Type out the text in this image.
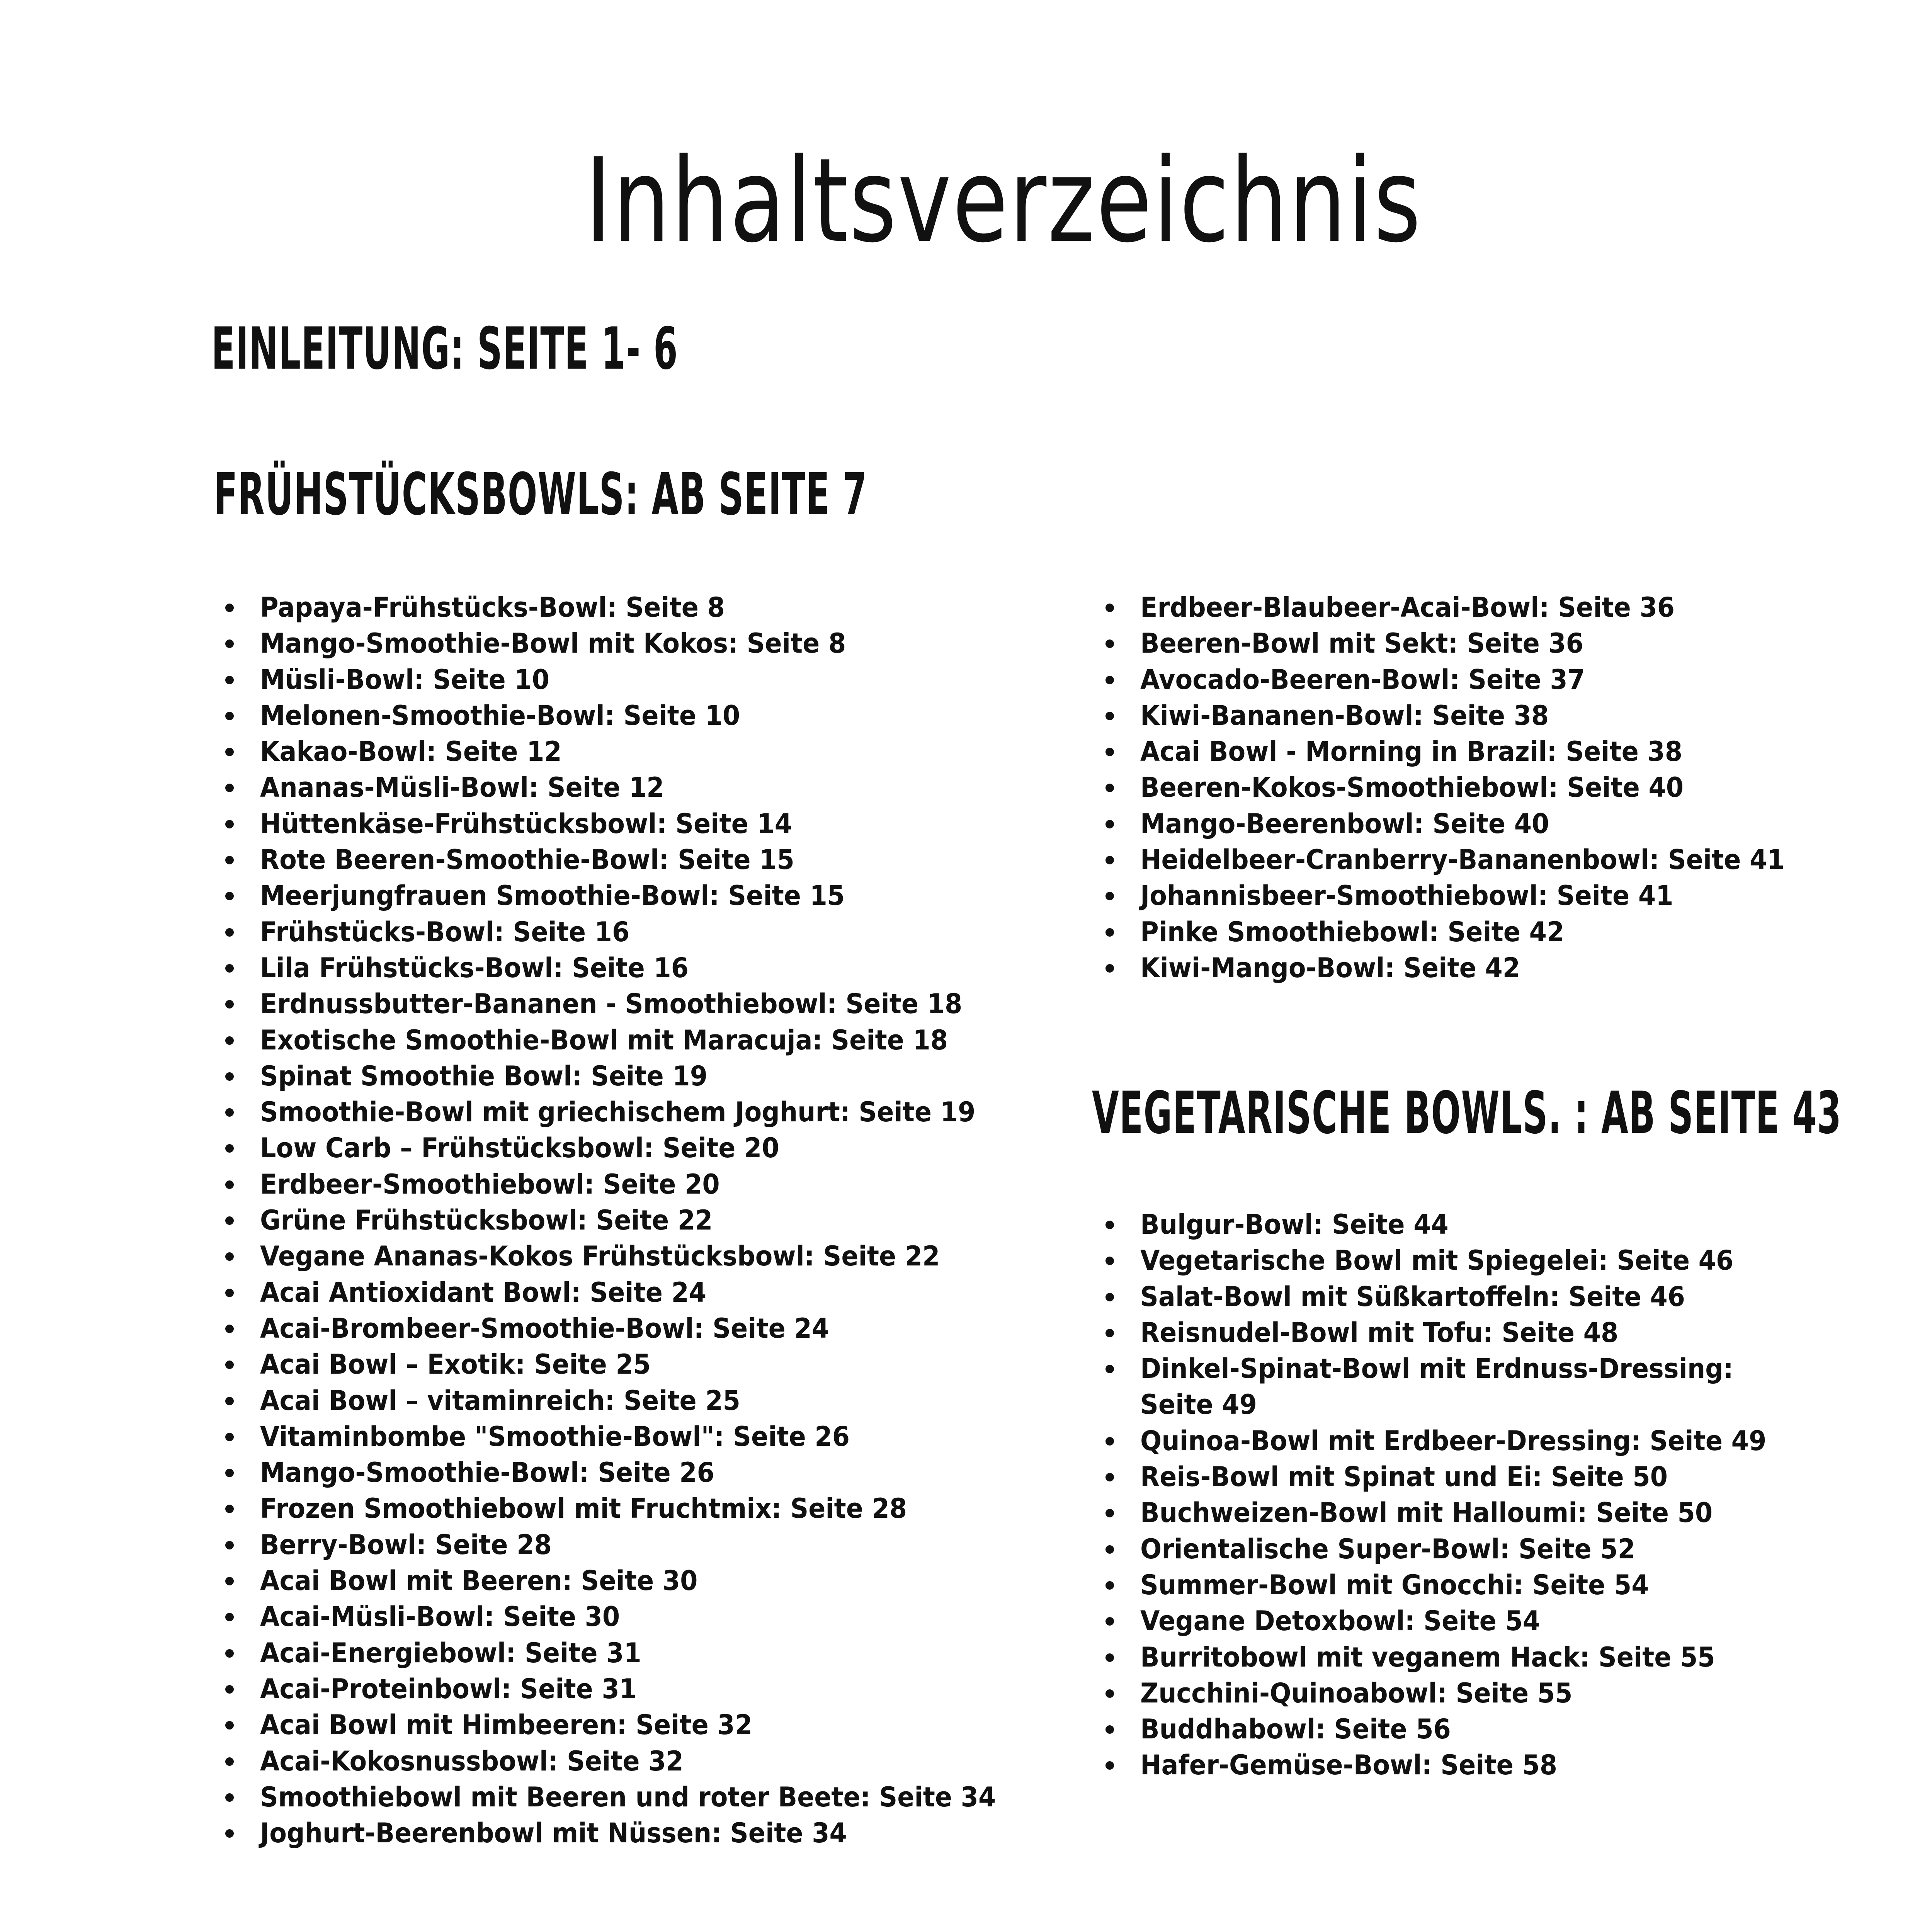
Inhaltsverzeichnis
EINLEITUNG: SEITE 1- 6
FRÜHSTÜCKSBOWLS: AB SEITE 7
Papaya-Frühstücks-Bowl: Seite 8
Mango-Smoothie-Bowl mit Kokos: Seite 8
Müsli-Bowl: Seite 10
Melonen-Smoothie-Bowl: Seite 10
Kakao-Bowl: Seite 12
Ananas-Müsli-Bowl: Seite 12
Hüttenkäse-Frühstücksbowl: Seite 14
Rote Beeren-Smoothie-Bowl: Seite 15
Meerjungfrauen Smoothie-Bowl: Seite 15
Frühstücks-Bowl: Seite 16
Lila Frühstücks-Bowl: Seite 16
Erdnussbutter-Bananen - Smoothiebowl: Seite 18
Exotische Smoothie-Bowl mit Maracuja: Seite 18
Spinat Smoothie Bowl: Seite 19
Smoothie-Bowl mit griechischem Joghurt: Seite 19
Low Carb – Frühstücksbowl: Seite 20
Erdbeer-Smoothiebowl: Seite 20
Grüne Frühstücksbowl: Seite 22
Vegane Ananas-Kokos Frühstücksbowl: Seite 22
Acai Antioxidant Bowl: Seite 24
Acai-Brombeer-Smoothie-Bowl: Seite 24
Acai Bowl – Exotik: Seite 25
Acai Bowl – vitaminreich: Seite 25
Vitaminbombe "Smoothie-Bowl": Seite 26
Mango-Smoothie-Bowl: Seite 26
Frozen Smoothiebowl mit Fruchtmix: Seite 28
Berry-Bowl: Seite 28
Acai Bowl mit Beeren: Seite 30
Acai-Müsli-Bowl: Seite 30
Acai-Energiebowl: Seite 31
Acai-Proteinbowl: Seite 31
Acai Bowl mit Himbeeren: Seite 32
Acai-Kokosnussbowl: Seite 32
Smoothiebowl mit Beeren und roter Beete: Seite 34
Joghurt-Beerenbowl mit Nüssen: Seite 34
Erdbeer-Blaubeer-Acai-Bowl: Seite 36
Beeren-Bowl mit Sekt: Seite 36
Avocado-Beeren-Bowl: Seite 37
Kiwi-Bananen-Bowl: Seite 38
Acai Bowl - Morning in Brazil: Seite 38
Beeren-Kokos-Smoothiebowl: Seite 40
Mango-Beerenbowl: Seite 40
Heidelbeer-Cranberry-Bananenbowl: Seite 41
Johannisbeer-Smoothiebowl: Seite 41
Pinke Smoothiebowl: Seite 42
Kiwi-Mango-Bowl: Seite 42
VEGETARISCHE BOWLS. : AB SEITE 43
Bulgur-Bowl: Seite 44
Vegetarische Bowl mit Spiegelei: Seite 46
Salat-Bowl mit Süßkartoffeln: Seite 46
Reisnudel-Bowl mit Tofu: Seite 48
Dinkel-Spinat-Bowl mit Erdnuss-Dressing: Seite 49
Quinoa-Bowl mit Erdbeer-Dressing: Seite 49
Reis-Bowl mit Spinat und Ei: Seite 50
Buchweizen-Bowl mit Halloumi: Seite 50
Orientalische Super-Bowl: Seite 52
Summer-Bowl mit Gnocchi: Seite 54
Vegane Detoxbowl: Seite 54
Burritobowl mit veganem Hack: Seite 55
Zucchini-Quinoabowl: Seite 55
Buddhabowl: Seite 56
Hafer-Gemüse-Bowl: Seite 58
